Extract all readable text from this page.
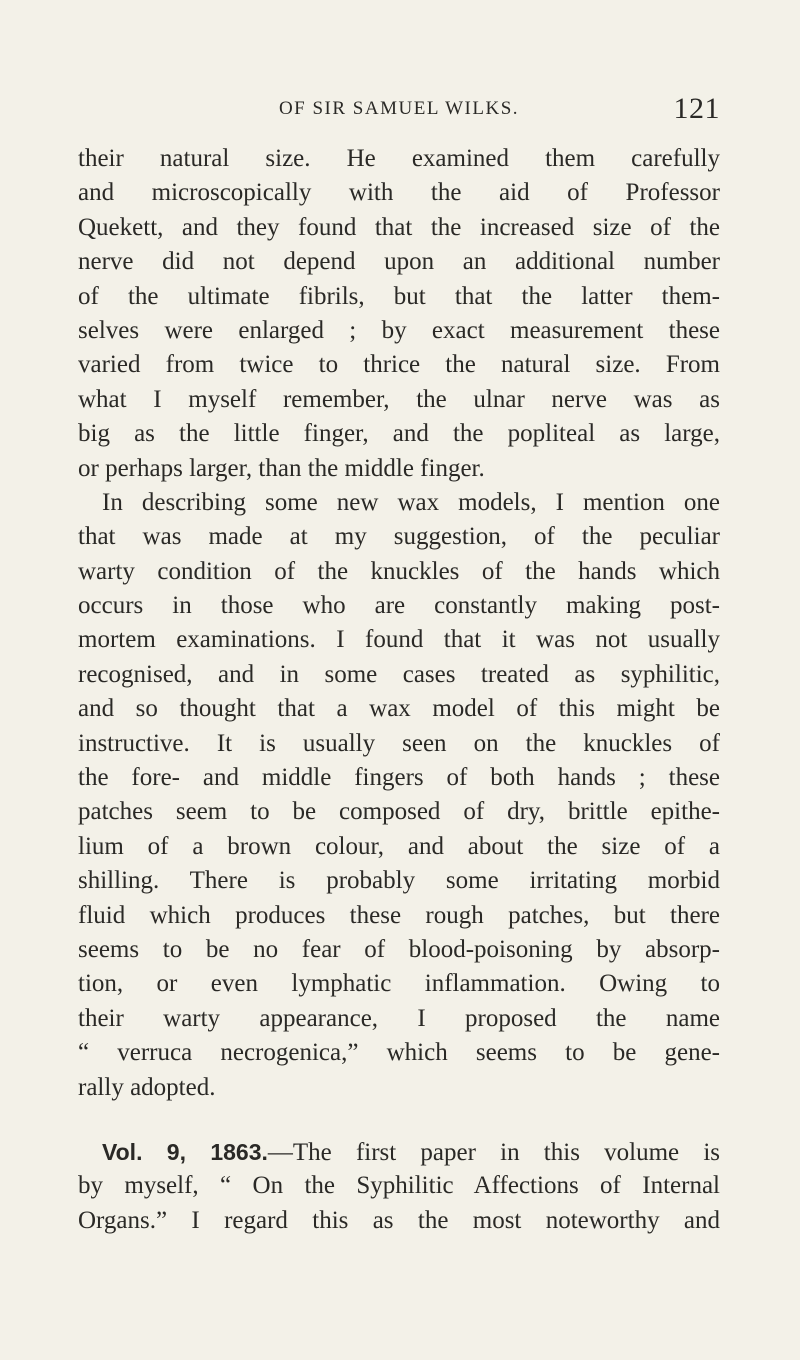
OF SIR SAMUEL WILKS.	121
their natural size. He examined them carefully
and microscopically with the aid of Professor
Quekett, and they found that the increased size of the
nerve did not depend upon an additional number
of the ultimate fibrils, but that the latter them-
selves were enlarged ; by exact measurement these
varied from twice to thrice the natural size. From
what I myself remember, the ulnar nerve was as
big as the little finger, and the popliteal as large,
or perhaps larger, than the middle finger.
In describing some new wax models, I mention one
that was made at my suggestion, of the peculiar
warty condition of the knuckles of the hands which
occurs in those who are constantly making post-
mortem examinations. I found that it was not usually
recognised, and in some cases treated as syphilitic,
and so thought that a wax model of this might be
instructive. It is usually seen on the knuckles of
the fore- and middle fingers of both hands ; these
patches seem to be composed of dry, brittle epithe-
lium of a brown colour, and about the size of a
shilling. There is probably some irritating morbid
fluid which produces these rough patches, but there
seems to be no fear of blood-poisoning by absorp-
tion, or even lymphatic inflammation. Owing to
their warty appearance, I proposed the name
“ verruca necrogenica,” which seems to be gene-
rally adopted.
Vol. 9, 1863.—The first paper in this volume is
by myself, “ On the Syphilitic Affections of Internal
Organs.” I regard this as the most noteworthy and
